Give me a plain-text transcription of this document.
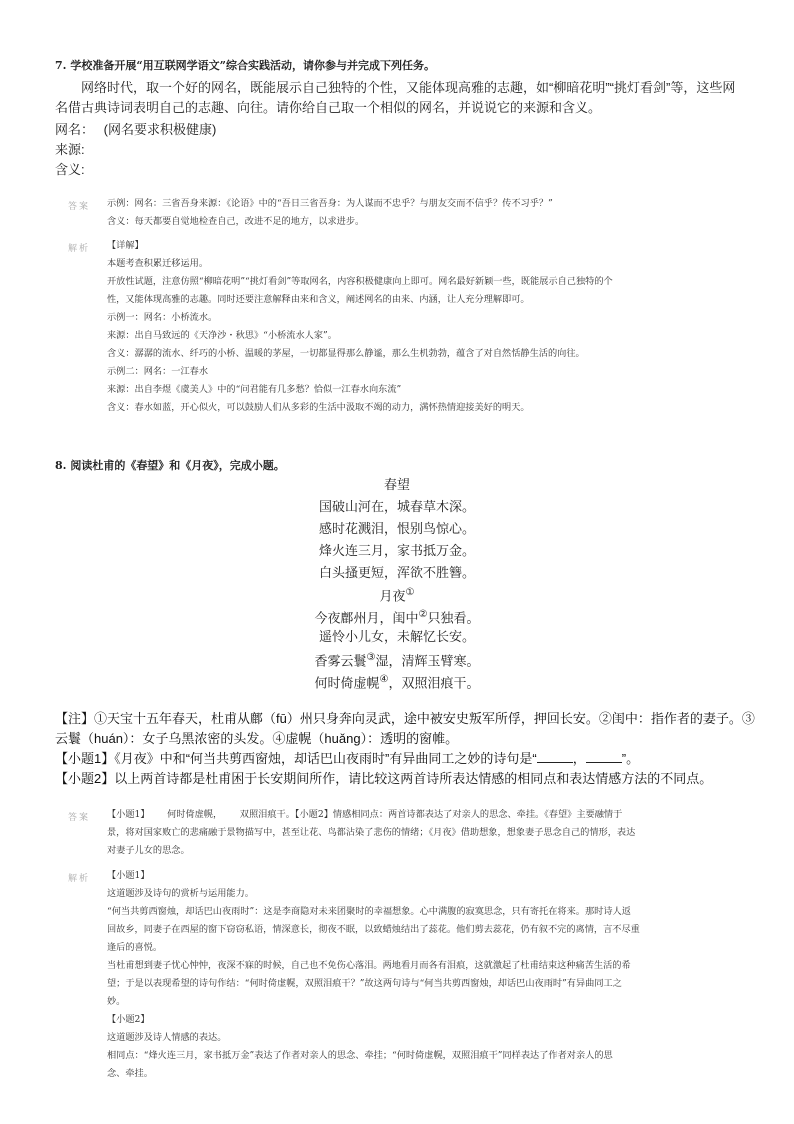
7. 学校准备开展“用互联网学语文”综合实践活动，请你参与并完成下列任务。
网络时代，取一个好的网名，既能展示自己独特的个性，又能体现高雅的志趣，如“柳暗花明”“挑灯看剑”等，这些网名借古典诗词表明自己的志趣、向往。请你给自己取一个相似的网名，并说说它的来源和含义。
网名： (网名要求积极健康)
来源:
含义:
答案 示例：网名：三省吾身来源：《论语》中的“吾日三省吾身：为人谋而不忠乎？与朋友交而不信乎？传不习乎？”
含义：每天都要自觉地检查自己，改进不足的地方，以求进步。
解析 【详解】
本题考查积累迁移运用。
开放性试题，注意仿照“柳暗花明”“挑灯看剑”等取网名，内容积极健康向上即可。网名最好新颖一些，既能展示自己独特的个
性，又能体现高雅的志趣。同时还要注意解释由来和含义，阐述网名的由来、内涵，让人充分理解即可。
示例一：网名：小桥流水。
来源：出自马致远的《天净沙・秋思》“小桥流水人家”。
含义：潺潺的流水、纤巧的小桥、温暖的茅屋，一切都显得那么静谧，那么生机勃勃，蕴含了对自然恬静生活的向往。
示例二：网名：一江春水
来源：出自李煜《虞美人》中的“问君能有几多愁？恰似一江春水向东流”
含义：春水如蓝，开心似火，可以鼓励人们从多彩的生活中汲取不竭的动力，满怀热情迎接美好的明天。
8. 阅读杜甫的《春望》和《月夜》，完成小题。
春望
国破山河在，城春草木深。
感时花溅泪，恨别鸟惊心。
烽火连三月，家书抵万金。
白头搔更短，浑欲不胜簪。
月夜①
今夜鄜州月，闺中②只独看。
遥怜小儿女，未解忆长安。
香雾云鬟③湿，清辉玉臂寒。
何时倚虚幌④，双照泪痕干。
【注】①天宝十五年春天，杜甫从鄜（fū）州只身奔向灵武，途中被安史叛军所俘，押回长安。②闺中：指作者的妻子。③云鬟（huán）：女子乌黑浓密的头发。④虚幌（huǎng）：透明的窗帷。
【小题1】《月夜》中和“何当共剪西窗烛，却话巴山夜雨时”有异曲同工之妙的诗句是“	，	”。
【小题2】以上两首诗都是杜甫困于长安期间所作，请比较这两首诗所表达情感的相同点和表达情感方法的不同点。
答案 【小题1】      何时倚虚幌，      双照泪痕干。【小题2】情感相同点：两首诗都表达了对亲人的思念、牵挂。《春望》主要融情于
景，将对国家败亡的悲痛融于景物描写中，甚至让花、鸟都沾染了悲伤的情绪；《月夜》借助想象，想象妻子思念自己的情形，表达
对妻子儿女的思念。
解析 【小题1】
这道题涉及诗句的赏析与运用能力。
“何当共剪西窗烛，却话巴山夜雨时”：这是李商隐对未来团聚时的幸福想象。心中满腹的寂寞思念，只有寄托在将来。那时诗人返
回故乡，同妻子在西屋的窗下窃窃私语，情深意长，彻夜不眠，以致蜡烛结出了蕊花。他们剪去蕊花，仍有叙不完的离情，言不尽重
逢后的喜悦。
当杜甫想到妻子忧心忡忡，夜深不寐的时候，自己也不免伤心落泪。两地看月而各有泪痕，这就激起了杜甫结束这种痛苦生活的希
望；于是以表现希望的诗句作结：“何时倚虚幌，双照泪痕干？”故这两句诗与“何当共剪西窗烛，却话巴山夜雨时”有异曲同工之
妙。
【小题2】
这道题涉及诗人情感的表达。
相同点：“烽火连三月，家书抵万金”表达了作者对亲人的思念、牵挂；“何时倚虚幌，双照泪痕干”同样表达了作者对亲人的思
念、牵挂。
